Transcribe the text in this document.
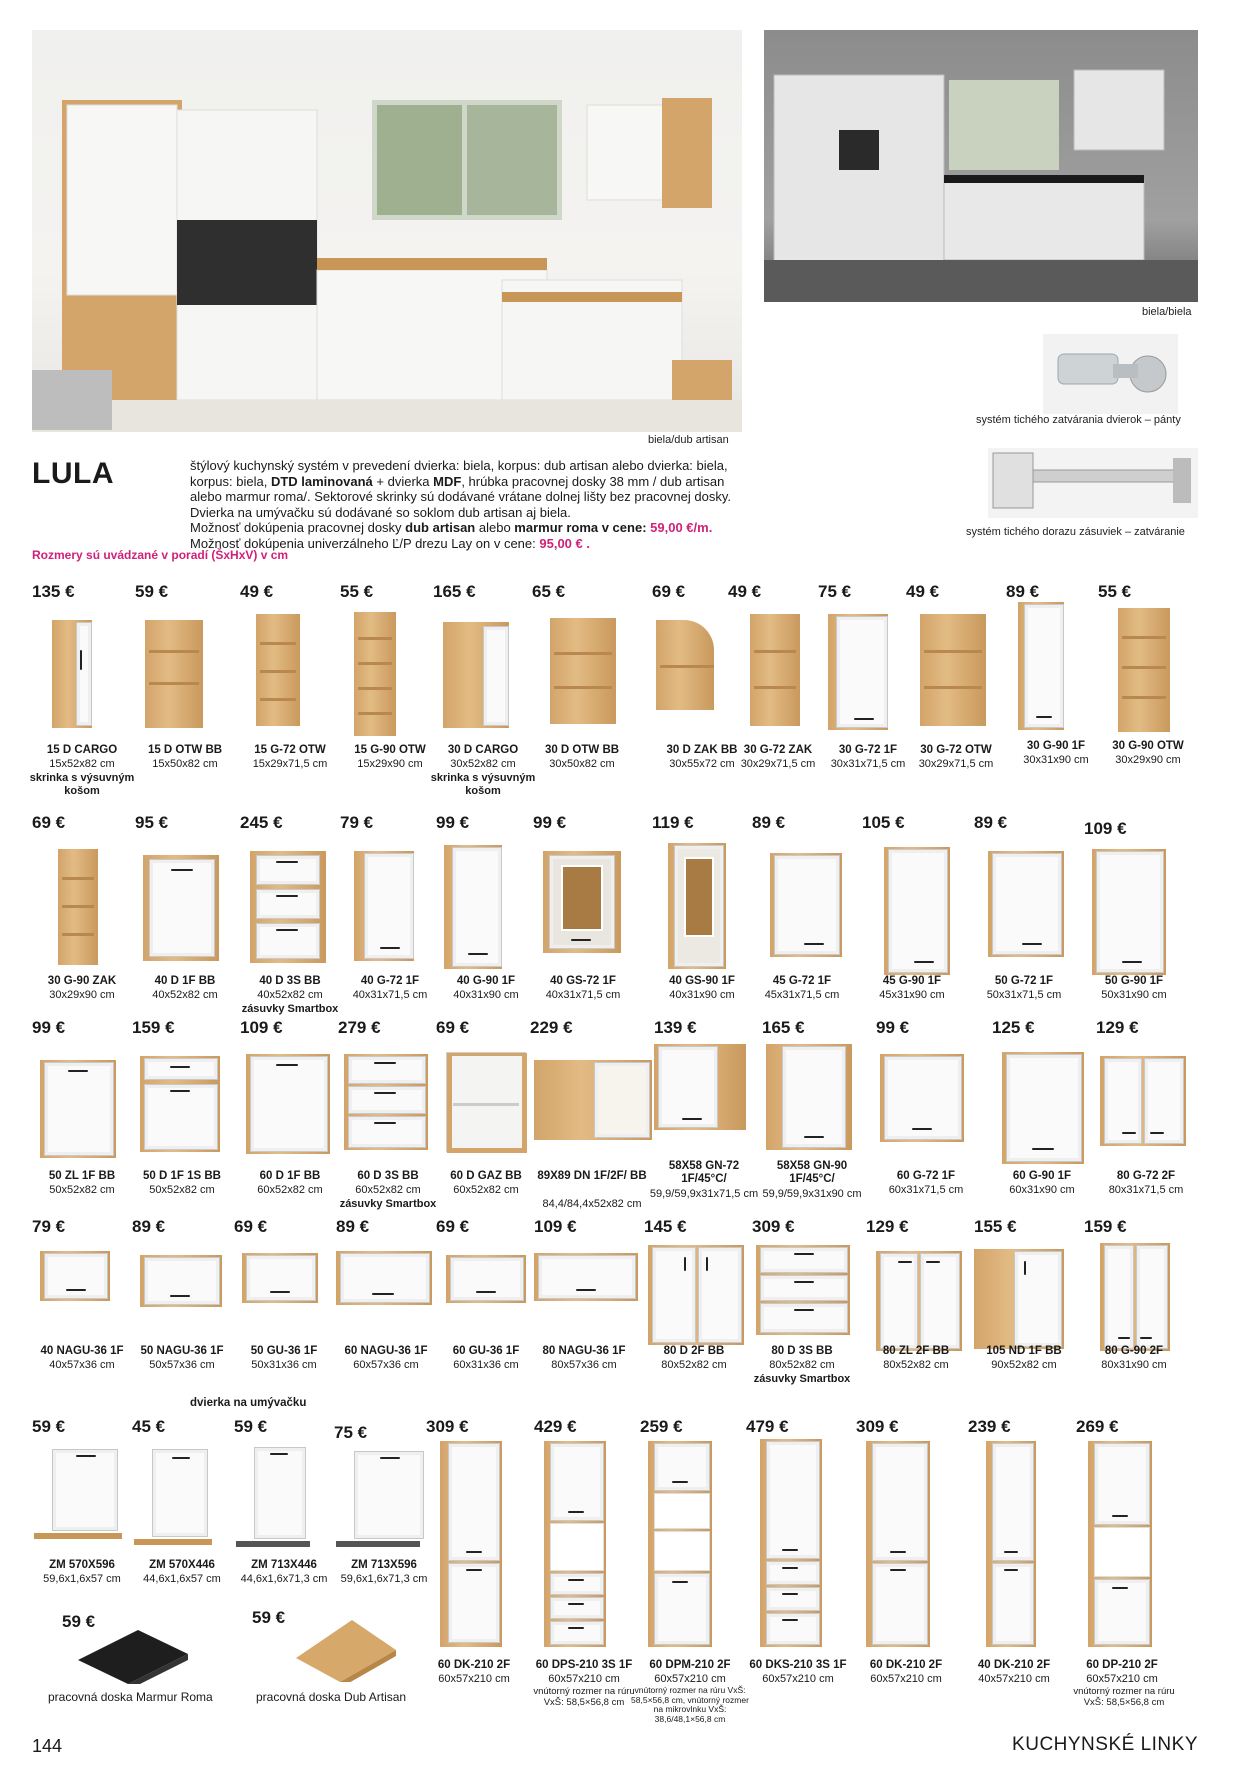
biela/dub artisan
biela/biela
systém tichého zatvárania dvierok – pánty
systém tichého dorazu zásuviek – zatváranie
LULA	štýlový kuchynský systém v prevedení dvierka: biela, korpus: dub artisan alebo dvierka: biela, korpus: biela, DTD laminovaná + dvierka MDF, hrúbka pracovnej dosky 38 mm / dub artisan alebo marmur roma/. Sektorové skrinky sú dodávané vrátane dolnej lišty bez pracovnej dosky. Dvierka na umývačku sú dodávané so soklom dub artisan aj biela.
Možnosť dokúpenia pracovnej dosky dub artisan alebo marmur roma v cene: 59,00 €/m.
Možnosť dokúpenia univerzálneho Ľ/P drezu Lay on v cene: 95,00 € .
Rozmery sú uvádzané v poradí (ŠxHxV) v cm
135 €
15 D CARGO
15x52x82 cm
skrinka s výsuvným košom
59 €
15 D OTW BB
15x50x82 cm
49 €
15 G-72 OTW
15x29x71,5 cm
55 €
15 G-90 OTW
15x29x90 cm
165 €
30 D CARGO
30x52x82 cm
skrinka s výsuvným košom
65 €
30 D OTW BB
30x50x82 cm
69 €
30 D ZAK BB
30x55x72 cm
49 €
30 G-72 ZAK
30x29x71,5 cm
75 €
30 G-72 1F
30x31x71,5 cm
49 €
30 G-72 OTW
30x29x71,5 cm
89 €
30 G-90 1F
30x31x90 cm
55 €
30 G-90 OTW
30x29x90 cm
69 €
30 G-90 ZAK
30x29x90 cm
95 €
40 D 1F BB
40x52x82 cm
245 €
40 D 3S BB
40x52x82 cm
zásuvky Smartbox
79 €
40 G-72 1F
40x31x71,5 cm
99 €
40 G-90 1F
40x31x90 cm
99 €
40 GS-72 1F
40x31x71,5 cm
119 €
40 GS-90 1F
40x31x90 cm
89 €
45 G-72 1F
45x31x71,5 cm
105 €
45 G-90 1F
45x31x90 cm
89 €
50 G-72 1F
50x31x71,5 cm
109 €
50 G-90 1F
50x31x90 cm
99 €
50 ZL 1F BB
50x52x82 cm
159 €
50 D 1F 1S BB
50x52x82 cm
109 €
60 D 1F BB
60x52x82 cm
279 €
60 D 3S BB
60x52x82 cm
zásuvky Smartbox
69 €
60 D GAZ BB
60x52x82 cm
229 €
89X89 DN 1F/2F/ BB
84,4/84,4x52x82 cm
139 €
58X58 GN-72 1F/45°C/
59,9/59,9x31x71,5 cm
165 €
58X58 GN-90 1F/45°C/
59,9/59,9x31x90 cm
99 €
60 G-72 1F
60x31x71,5 cm
125 €
60 G-90 1F
60x31x90 cm
129 €
80 G-72 2F
80x31x71,5 cm
79 €
40 NAGU-36 1F
40x57x36 cm
89 €
50 NAGU-36 1F
50x57x36 cm
69 €
50 GU-36 1F
50x31x36 cm
89 €
60 NAGU-36 1F
60x57x36 cm
69 €
60 GU-36 1F
60x31x36 cm
109 €
80 NAGU-36 1F
80x57x36 cm
145 €
80 D 2F BB
80x52x82 cm
309 €
80 D 3S BB
80x52x82 cm
zásuvky Smartbox
129 €
80 ZL 2F BB
80x52x82 cm
155 €
105 ND 1F BB
90x52x82 cm
159 €
80 G-90 2F
80x31x90 cm
dvierka na umývačku
59 €
ZM 570X596
59,6x1,6x57 cm
45 €
ZM 570X446
44,6x1,6x57 cm
59 €
ZM 713X446
44,6x1,6x71,3 cm
75 €
ZM 713X596
59,6x1,6x71,3 cm
309 €	429 €	259 €	479 €	309 €	239 €	269 €
60 DK-210 2F
60x57x210 cm
60 DPS-210 3S 1F
60x57x210 cm
vnútorný rozmer na rúru VxŠ: 58,5×56,8 cm
60 DPM-210 2F
60x57x210 cm
vnútorný rozmer na rúru VxŠ: 58,5×56,8 cm, vnútorný rozmer na mikrovlnku VxŠ: 38,6/48,1×56,8 cm
60 DKS-210 3S 1F
60x57x210 cm
60 DK-210 2F
60x57x210 cm
40 DK-210 2F
40x57x210 cm
60 DP-210 2F
60x57x210 cm
vnútorný rozmer na rúru VxŠ: 58,5×56,8 cm
59 €
pracovná doska Marmur Roma
59 €
pracovná doska Dub Artisan
144	KUCHYNSKÉ LINKY
